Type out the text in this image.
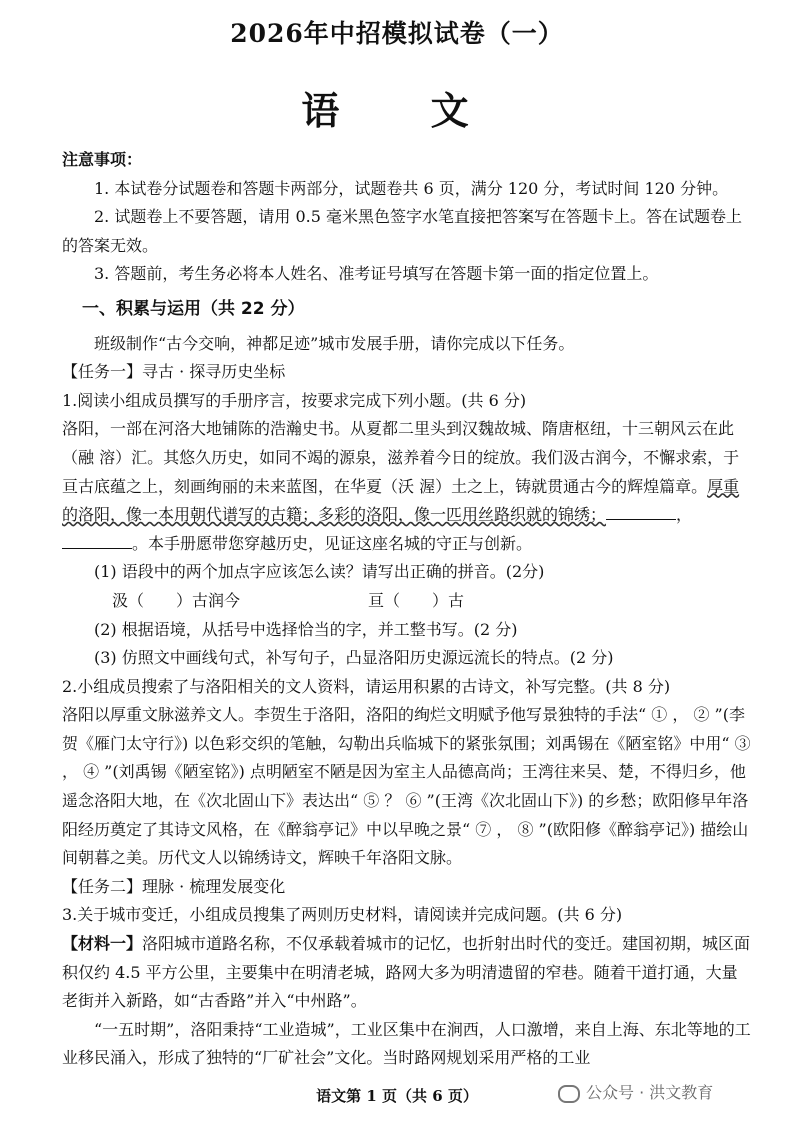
2026年中招模拟试卷（一）
语 文

注意事项：

1. 本试卷分试题卷和答题卡两部分，试题卷共 6 页，满分 120 分，考试时间 120 分钟。

2. 试题卷上不要答题，请用 0.5 毫米黑色签字水笔直接把答案写在答题卡上。答在试题卷上的答案无效。

3. 答题前，考生务必将本人姓名、准考证号填写在答题卡第一面的指定位置上。

一、积累与运用（共 22 分）

班级制作“古今交响，神都足迹”城市发展手册，请你完成以下任务。

【任务一】寻古 · 探寻历史坐标

1.阅读小组成员撰写的手册序言，按要求完成下列小题。(共 6 分)

洛阳，一部在河洛大地铺陈的浩瀚史书。从夏都二里头到汉魏故城、隋唐枢纽，十三朝风云在此（融 溶）汇。其悠久历史，如同不竭的源泉，滋养着今日的绽放。我们汲古润今，不懈求索，于亘古底蕴之上，刻画绚丽的未来蓝图，在华夏（沃 渥）土之上，铸就贯通古今的辉煌篇章。厚重的洛阳，像一本用朝代谱写的古籍；多彩的洛阳，像一匹用丝路织就的锦绣；	，。本手册愿带您穿越历史，见证这座名城的守正与创新。

(1) 语段中的两个加点字应该怎么读？请写出正确的拼音。(2分)

汲（　　）古润今　　　　　　　　亘（　　）古

(2) 根据语境，从括号中选择恰当的字，并工整书写。(2 分)

(3) 仿照文中画线句式，补写句子，凸显洛阳历史源远流长的特点。(2 分)

2.小组成员搜索了与洛阳相关的文人资料，请运用积累的古诗文，补写完整。(共 8 分)

洛阳以厚重文脉滋养文人。李贺生于洛阳，洛阳的绚烂文明赋予他写景独特的手法“ ① ， ② ”(李贺《雁门太守行》) 以色彩交织的笔触，勾勒出兵临城下的紧张氛围；刘禹锡在《陋室铭》中用“ ③ ， ④ ”(刘禹锡《陋室铭》) 点明陋室不陋是因为室主人品德高尚；王湾往来吴、楚，不得归乡，他遥念洛阳大地，在《次北固山下》表达出“ ⑤ ？ ⑥ ”(王湾《次北固山下》) 的乡愁；欧阳修早年洛阳经历奠定了其诗文风格，在《醉翁亭记》中以早晚之景“ ⑦ ， ⑧ ”(欧阳修《醉翁亭记》) 描绘山间朝暮之美。历代文人以锦绣诗文，辉映千年洛阳文脉。

【任务二】理脉 · 梳理发展变化

3.关于城市变迁，小组成员搜集了两则历史材料，请阅读并完成问题。(共 6 分)

【材料一】洛阳城市道路名称，不仅承载着城市的记忆，也折射出时代的变迁。建国初期，城区面积仅约 4.5 平方公里，主要集中在明清老城，路网大多为明清遗留的窄巷。随着干道打通，大量老街并入新路，如“古香路”并入“中州路”。

“一五时期”，洛阳秉持“工业造城”，工业区集中在涧西，人口激增，来自上海、东北等地的工业移民涌入，形成了独特的“厂矿社会”文化。当时路网规划采用严格的工业

语文第 1 页（共 6 页）	公众号 · 洪文教育
